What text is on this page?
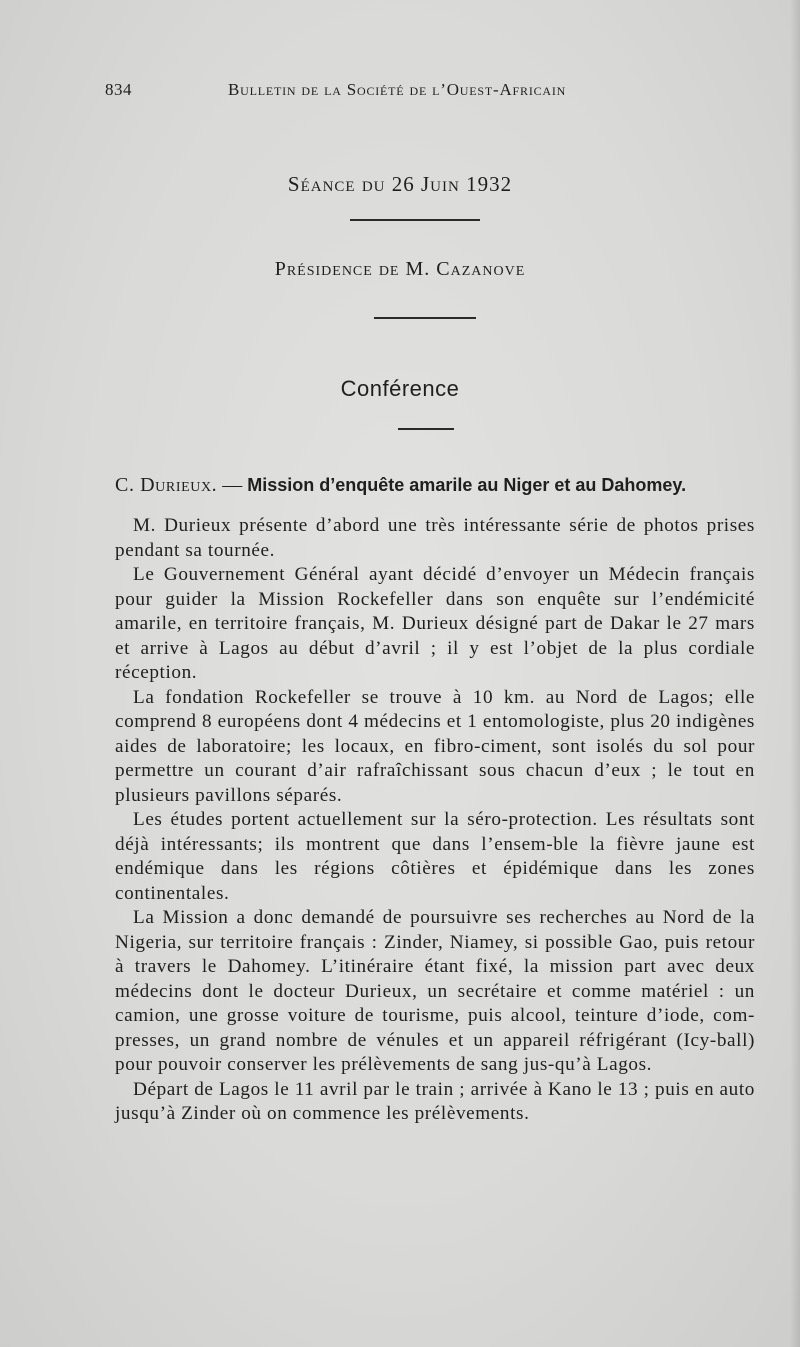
834	Bulletin de la Société de l’Ouest-Africain
Séance du 26 Juin 1932
Présidence de M. Cazanove
Conférence
C. Durieux. — Mission d’enquête amarile au Niger et au Dahomey.

M. Durieux présente d’abord une très intéressante série de photos prises pendant sa tournée.

Le Gouvernement Général ayant décidé d’envoyer un Médecin français pour guider la Mission Rockefeller dans son enquête sur l’endémicité amarile, en territoire français, M. Durieux désigné part de Dakar le 27 mars et arrive à Lagos au début d’avril ; il y est l’objet de la plus cordiale réception.

La fondation Rockefeller se trouve à 10 km. au Nord de Lagos; elle comprend 8 européens dont 4 médecins et 1 entomologiste, plus 20 indigènes aides de laboratoire; les locaux, en fibro-ciment, sont isolés du sol pour permettre un courant d’air rafraîchissant sous chacun d’eux ; le tout en plusieurs pavillons séparés.

Les études portent actuellement sur la séro-protection. Les résultats sont déjà intéressants; ils montrent que dans l’ensem-ble la fièvre jaune est endémique dans les régions côtières et épidémique dans les zones continentales.

La Mission a donc demandé de poursuivre ses recherches au Nord de la Nigeria, sur territoire français : Zinder, Niamey, si possible Gao, puis retour à travers le Dahomey. L’itinéraire étant fixé, la mission part avec deux médecins dont le docteur Durieux, un secrétaire et comme matériel : un camion, une grosse voiture de tourisme, puis alcool, teinture d’iode, com-presses, un grand nombre de vénules et un appareil réfrigérant (Icy-ball) pour pouvoir conserver les prélèvements de sang jus-qu’à Lagos.

Départ de Lagos le 11 avril par le train ; arrivée à Kano le 13 ; puis en auto jusqu’à Zinder où on commence les prélèvements.
